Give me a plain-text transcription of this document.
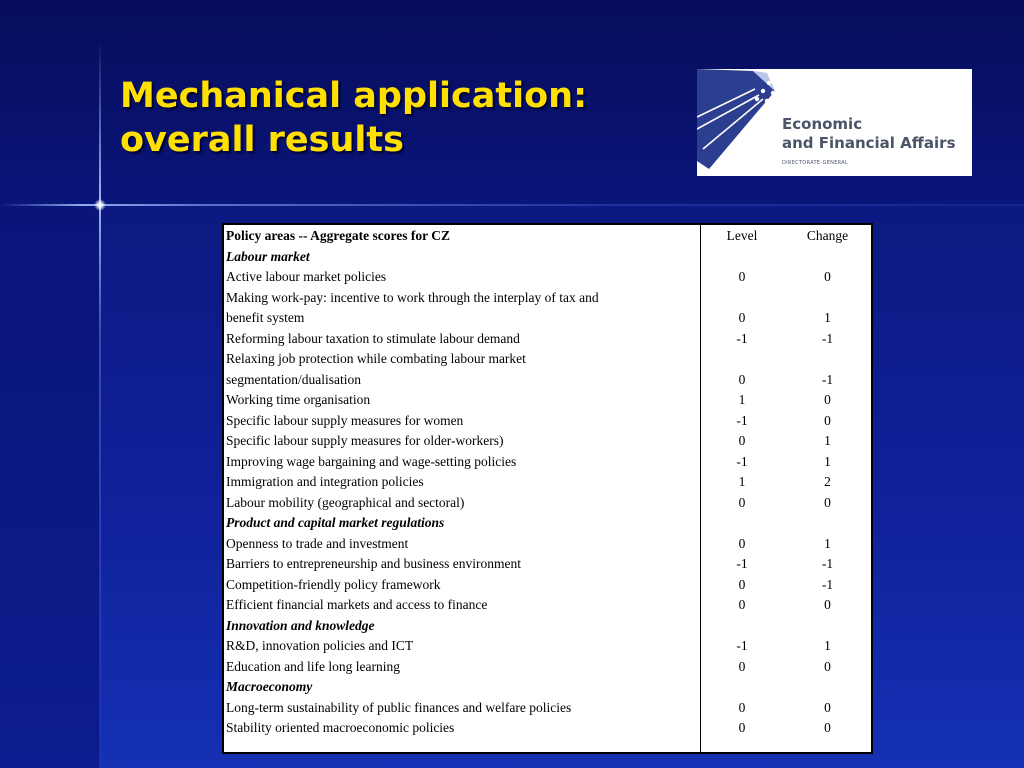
Mechanical application:
overall results	Economic
and Financial Affairs
DIRECTORATE-GENERAL
Policy areas -- Aggregate scores for CZ	Level	Change
Labour market		
Active labour market policies	0	0
Making work-pay: incentive to work through the interplay of tax and		
benefit system	0	1
Reforming labour taxation to stimulate labour demand	-1	-1
Relaxing job protection while combating labour market		
segmentation/dualisation	0	-1
Working time organisation	1	0
Specific labour supply measures for women	-1	0
Specific labour supply measures for older-workers)	0	1
Improving wage bargaining and wage-setting policies	-1	1
Immigration and integration policies	1	2
Labour mobility (geographical and sectoral)	0	0
Product and capital market regulations		
Openness to trade and investment	0	1
Barriers to entrepreneurship and business environment	-1	-1
Competition-friendly policy framework	0	-1
Efficient financial markets and access to finance	0	0
Innovation and knowledge		
R&D, innovation policies and ICT	-1	1
Education and life long learning	0	0
Macroeconomy		
Long-term sustainability of public finances and welfare policies	0	0
Stability oriented macroeconomic policies	0	0
